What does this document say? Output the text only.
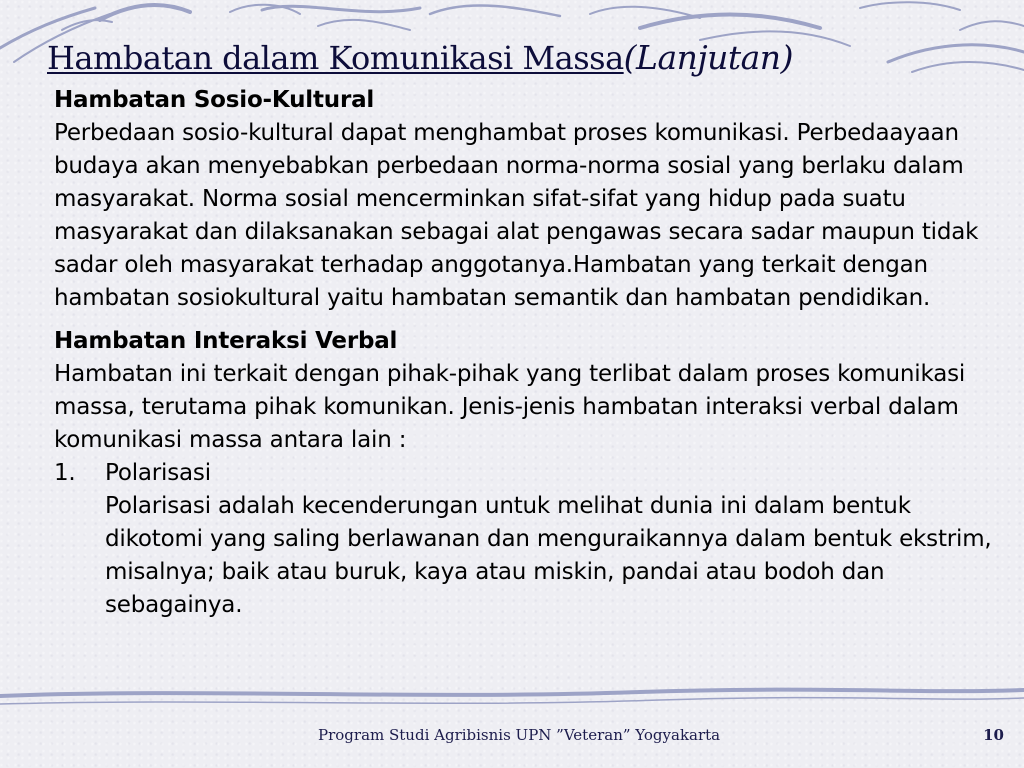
Hambatan dalam Komunikasi Massa(Lanjutan)

Hambatan Sosio-Kultural

Perbedaan sosio-kultural dapat menghambat proses komunikasi. Perbedaayaan budaya akan menyebabkan perbedaan norma-norma sosial yang berlaku dalam masyarakat. Norma sosial mencerminkan sifat-sifat yang hidup pada suatu masyarakat dan dilaksanakan sebagai alat pengawas secara sadar maupun tidak sadar oleh masyarakat terhadap anggotanya.Hambatan yang terkait dengan hambatan sosiokultural yaitu hambatan semantik dan hambatan pendidikan.

Hambatan Interaksi Verbal

Hambatan ini terkait dengan pihak-pihak yang terlibat dalam proses komunikasi massa, terutama pihak komunikan. Jenis-jenis hambatan interaksi verbal dalam komunikasi massa antara lain :

1. Polarisasi

Polarisasi adalah kecenderungan untuk melihat dunia ini dalam bentuk dikotomi yang saling berlawanan dan menguraikannya dalam bentuk ekstrim, misalnya; baik atau buruk, kaya atau miskin, pandai atau bodoh dan sebagainya.

Program Studi Agribisnis UPN ”Veteran” Yogyakarta	10
